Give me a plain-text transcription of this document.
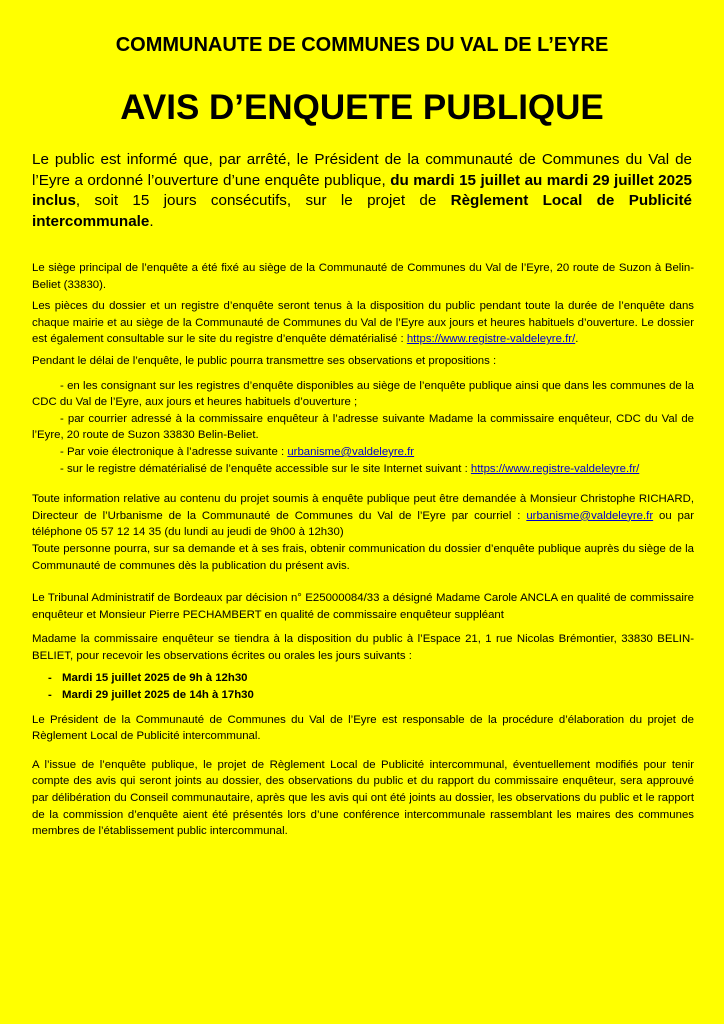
COMMUNAUTE DE COMMUNES DU VAL DE L’EYRE
AVIS D’ENQUETE PUBLIQUE
Le public est informé que, par arrêté, le Président de la communauté de Communes du Val de l’Eyre a ordonné l’ouverture d’une enquête publique, du mardi 15 juillet au mardi 29 juillet 2025 inclus, soit 15 jours consécutifs, sur le projet de Règlement Local de Publicité intercommunale.

Le siège principal de l’enquête a été fixé au siège de la Communauté de Communes du Val de l’Eyre, 20 route de Suzon à Belin-Beliet (33830).

Les pièces du dossier et un registre d’enquête seront tenus à la disposition du public pendant toute la durée de l’enquête dans chaque mairie et au siège de la Communauté de Communes du Val de l’Eyre aux jours et heures habituels d’ouverture. Le dossier est également consultable sur le site du registre d’enquête dématérialisé : https://www.registre-valdeleyre.fr/.

Pendant le délai de l’enquête, le public pourra transmettre ses observations et propositions :

- en les consignant sur les registres d’enquête disponibles au siège de l’enquête publique ainsi que dans les communes de la CDC du Val de l’Eyre, aux jours et heures habituels d’ouverture ;

- par courrier adressé à la commissaire enquêteur à l’adresse suivante Madame la commissaire enquêteur, CDC du Val de l’Eyre, 20 route de Suzon 33830 Belin-Beliet.

- Par voie électronique à l’adresse suivante : urbanisme@valdeleyre.fr

- sur le registre dématérialisé de l’enquête accessible sur le site Internet suivant : https://www.registre-valdeleyre.fr/

Toute information relative au contenu du projet soumis à enquête publique peut être demandée à Monsieur Christophe RICHARD, Directeur de l’Urbanisme de la Communauté de Communes du Val de l’Eyre par courriel : urbanisme@valdeleyre.fr ou par téléphone 05 57 12 14 35 (du lundi au jeudi de 9h00 à 12h30)

Toute personne pourra, sur sa demande et à ses frais, obtenir communication du dossier d’enquête publique auprès du siège de la Communauté de communes dès la publication du présent avis.

Le Tribunal Administratif de Bordeaux par décision n° E25000084/33 a désigné Madame Carole ANCLA en qualité de commissaire enquêteur et Monsieur Pierre PECHAMBERT en qualité de commissaire enquêteur suppléant

Madame la commissaire enquêteur se tiendra à la disposition du public à l’Espace 21, 1 rue Nicolas Brémontier, 33830 BELIN-BELIET, pour recevoir les observations écrites ou orales les jours suivants :

- Mardi 15 juillet 2025 de 9h à 12h30
- Mardi 29 juillet 2025 de 14h à 17h30

Le Président de la Communauté de Communes du Val de l’Eyre est responsable de la procédure d’élaboration du projet de Règlement Local de Publicité intercommunal.

A l’issue de l’enquête publique, le projet de Règlement Local de Publicité intercommunal, éventuellement modifiés pour tenir compte des avis qui seront joints au dossier, des observations du public et du rapport du commissaire enquêteur, sera approuvé par délibération du Conseil communautaire, après que les avis qui ont été joints au dossier, les observations du public et le rapport de la commission d’enquête aient été présentés lors d’une conférence intercommunale rassemblant les maires des communes membres de l’établissement public intercommunal.
